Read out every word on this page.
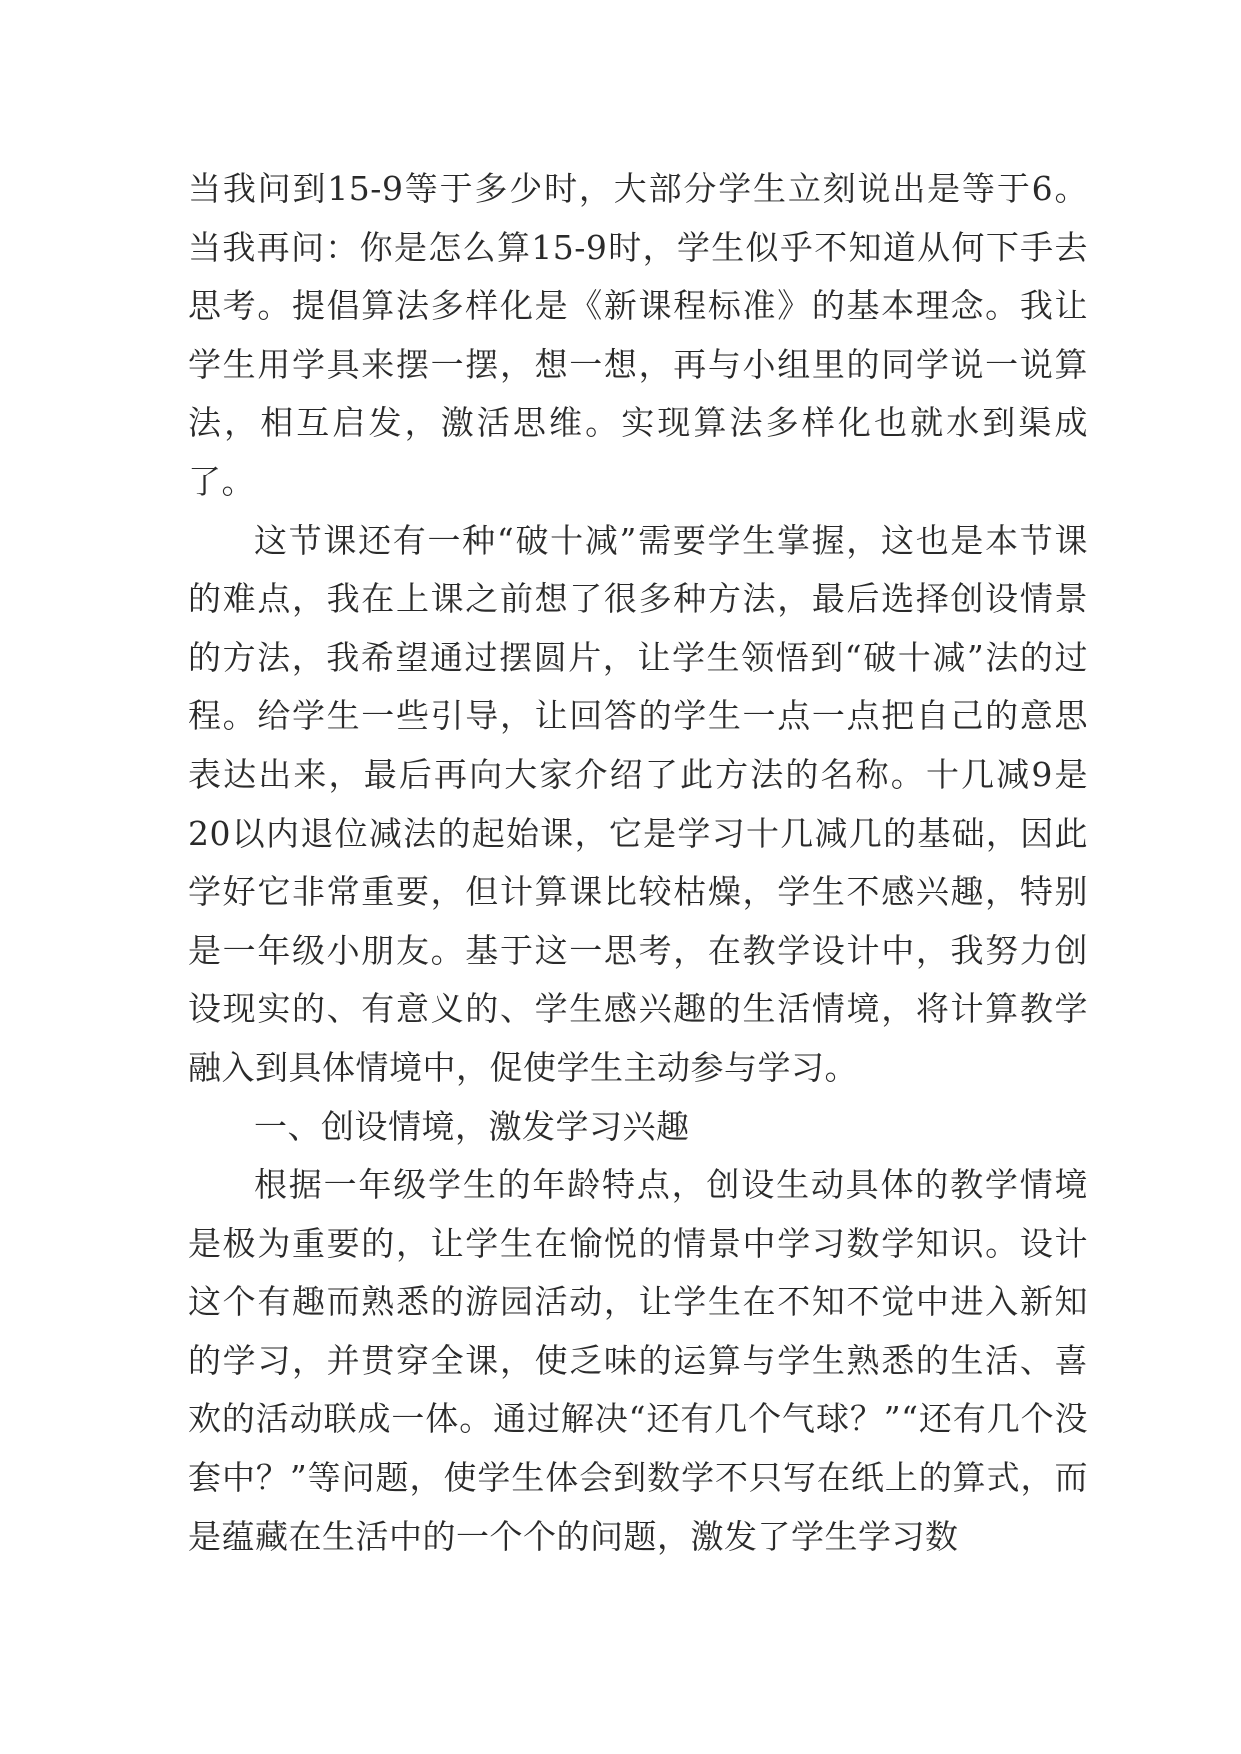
当我问到15-9等于多少时，大部分学生立刻说出是等于6。当我再问：你是怎么算15-9时，学生似乎不知道从何下手去思考。提倡算法多样化是《新课程标准》的基本理念。我让学生用学具来摆一摆，想一想，再与小组里的同学说一说算法，相互启发，激活思维。实现算法多样化也就水到渠成了。

这节课还有一种“破十减”需要学生掌握，这也是本节课的难点，我在上课之前想了很多种方法，最后选择创设情景的方法，我希望通过摆圆片，让学生领悟到“破十减”法的过程。给学生一些引导，让回答的学生一点一点把自己的意思表达出来，最后再向大家介绍了此方法的名称。十几减9是20以内退位减法的起始课，它是学习十几减几的基础，因此学好它非常重要，但计算课比较枯燥，学生不感兴趣，特别是一年级小朋友。基于这一思考，在教学设计中，我努力创设现实的、有意义的、学生感兴趣的生活情境，将计算教学融入到具体情境中，促使学生主动参与学习。

一、创设情境，激发学习兴趣

根据一年级学生的年龄特点，创设生动具体的教学情境是极为重要的，让学生在愉悦的情景中学习数学知识。设计这个有趣而熟悉的游园活动，让学生在不知不觉中进入新知的学习，并贯穿全课，使乏味的运算与学生熟悉的生活、喜欢的活动联成一体。通过解决“还有几个气球？”“还有几个没套中？”等问题，使学生体会到数学不只写在纸上的算式，而是蕴藏在生活中的一个个的问题，激发了学生学习数
